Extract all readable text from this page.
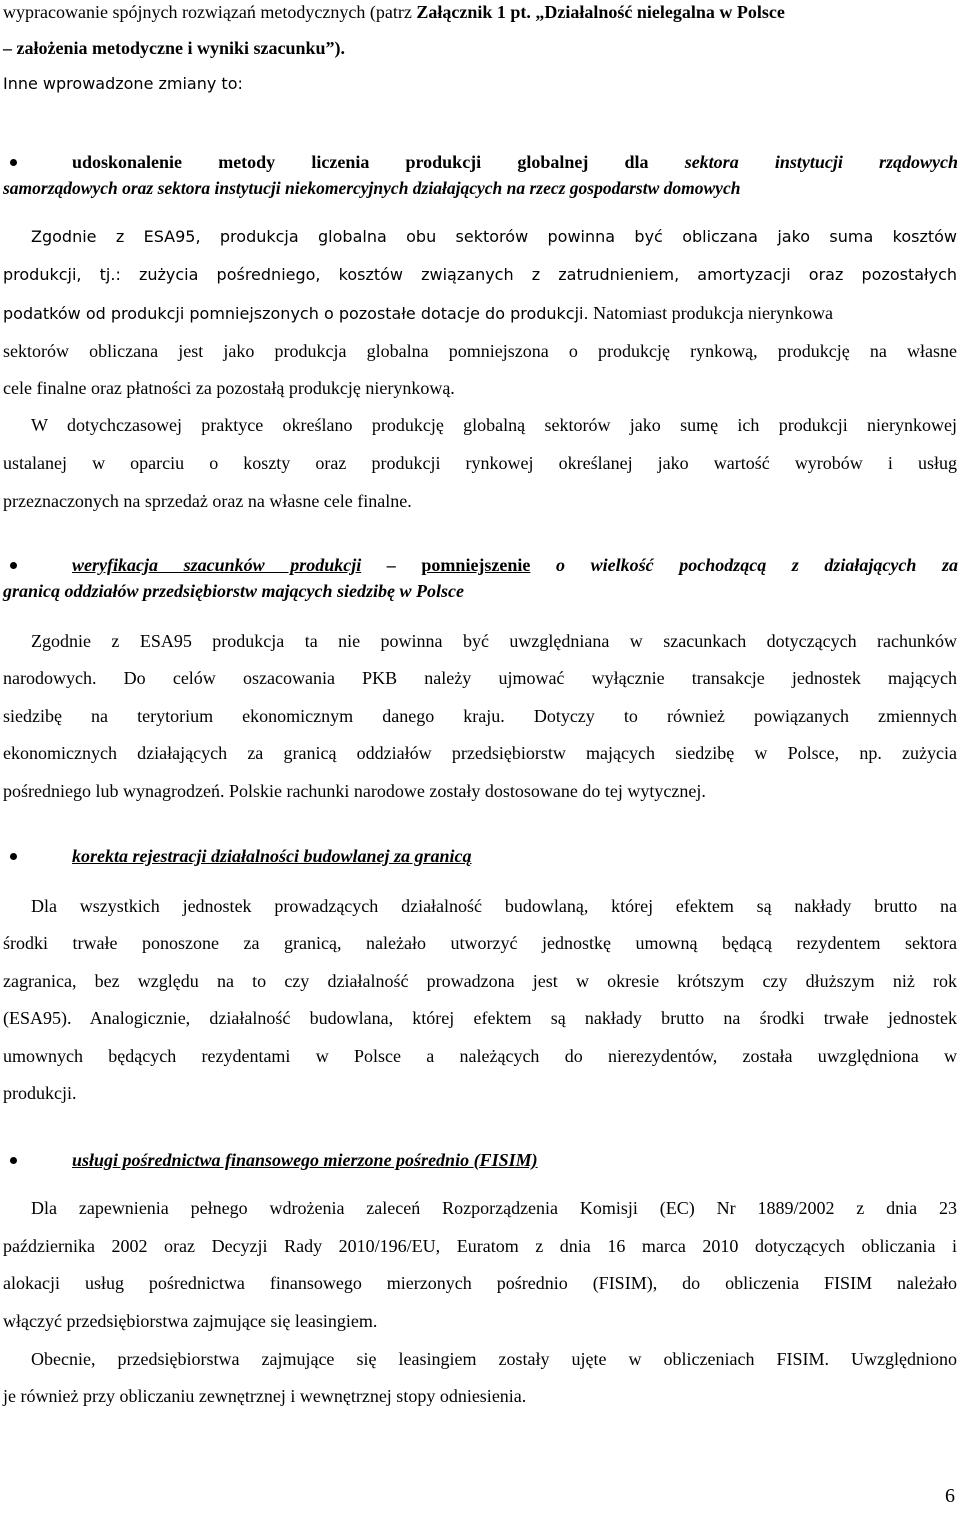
wypracowanie spójnych rozwiązań metodycznych (patrz Załącznik 1 pt. „Działalność nielegalna w Polsce
– założenia metodyczne i wyniki szacunku”).
Inne wprowadzone zmiany to:
udoskonalenie metody liczenia produkcji globalnej dla sektora instytucji rządowych
samorządowych oraz sektora instytucji niekomercyjnych działających na rzecz gospodarstw domowych
Zgodnie z ESA95, produkcja globalna obu sektorów powinna być obliczana jako suma kosztów
produkcji, tj.: zużycia pośredniego, kosztów związanych z zatrudnieniem, amortyzacji oraz pozostałych
podatków od produkcji pomniejszonych o pozostałe dotacje do produkcji. Natomiast produkcja nierynkowa
sektorów obliczana jest jako produkcja globalna pomniejszona o produkcję rynkową, produkcję na własne
cele finalne oraz płatności za pozostałą produkcję nierynkową.
W dotychczasowej praktyce określano produkcję globalną sektorów jako sumę ich produkcji nierynkowej
ustalanej w oparciu o koszty oraz produkcji rynkowej określanej jako wartość wyrobów i usług
przeznaczonych na sprzedaż oraz na własne cele finalne.
weryfikacja szacunków produkcji – pomniejszenie o wielkość pochodzącą z działających za
granicą oddziałów przedsiębiorstw mających siedzibę w Polsce
Zgodnie z ESA95 produkcja ta nie powinna być uwzględniana w szacunkach dotyczących rachunków
narodowych. Do celów oszacowania PKB należy ujmować wyłącznie transakcje jednostek mających
siedzibę na terytorium ekonomicznym danego kraju. Dotyczy to również powiązanych zmiennych
ekonomicznych działających za granicą oddziałów przedsiębiorstw mających siedzibę w Polsce, np. zużycia
pośredniego lub wynagrodzeń. Polskie rachunki narodowe zostały dostosowane do tej wytycznej.
korekta rejestracji działalności budowlanej za granicą
Dla wszystkich jednostek prowadzących działalność budowlaną, której efektem są nakłady brutto na
środki trwałe ponoszone za granicą, należało utworzyć jednostkę umowną będącą rezydentem sektora
zagranica, bez względu na to czy działalność prowadzona jest w okresie krótszym czy dłuższym niż rok
(ESA95). Analogicznie, działalność budowlana, której efektem są nakłady brutto na środki trwałe jednostek
umownych będących rezydentami w Polsce a należących do nierezydentów, została uwzględniona w
produkcji.
usługi pośrednictwa finansowego mierzone pośrednio (FISIM)
Dla zapewnienia pełnego wdrożenia zaleceń Rozporządzenia Komisji (EC) Nr 1889/2002 z dnia 23
października 2002 oraz Decyzji Rady 2010/196/EU, Euratom z dnia 16 marca 2010 dotyczących obliczania i
alokacji usług pośrednictwa finansowego mierzonych pośrednio (FISIM), do obliczenia FISIM należało
włączyć przedsiębiorstwa zajmujące się leasingiem.
Obecnie, przedsiębiorstwa zajmujące się leasingiem zostały ujęte w obliczeniach FISIM. Uwzględniono
je również przy obliczaniu zewnętrznej i wewnętrznej stopy odniesienia.
6
